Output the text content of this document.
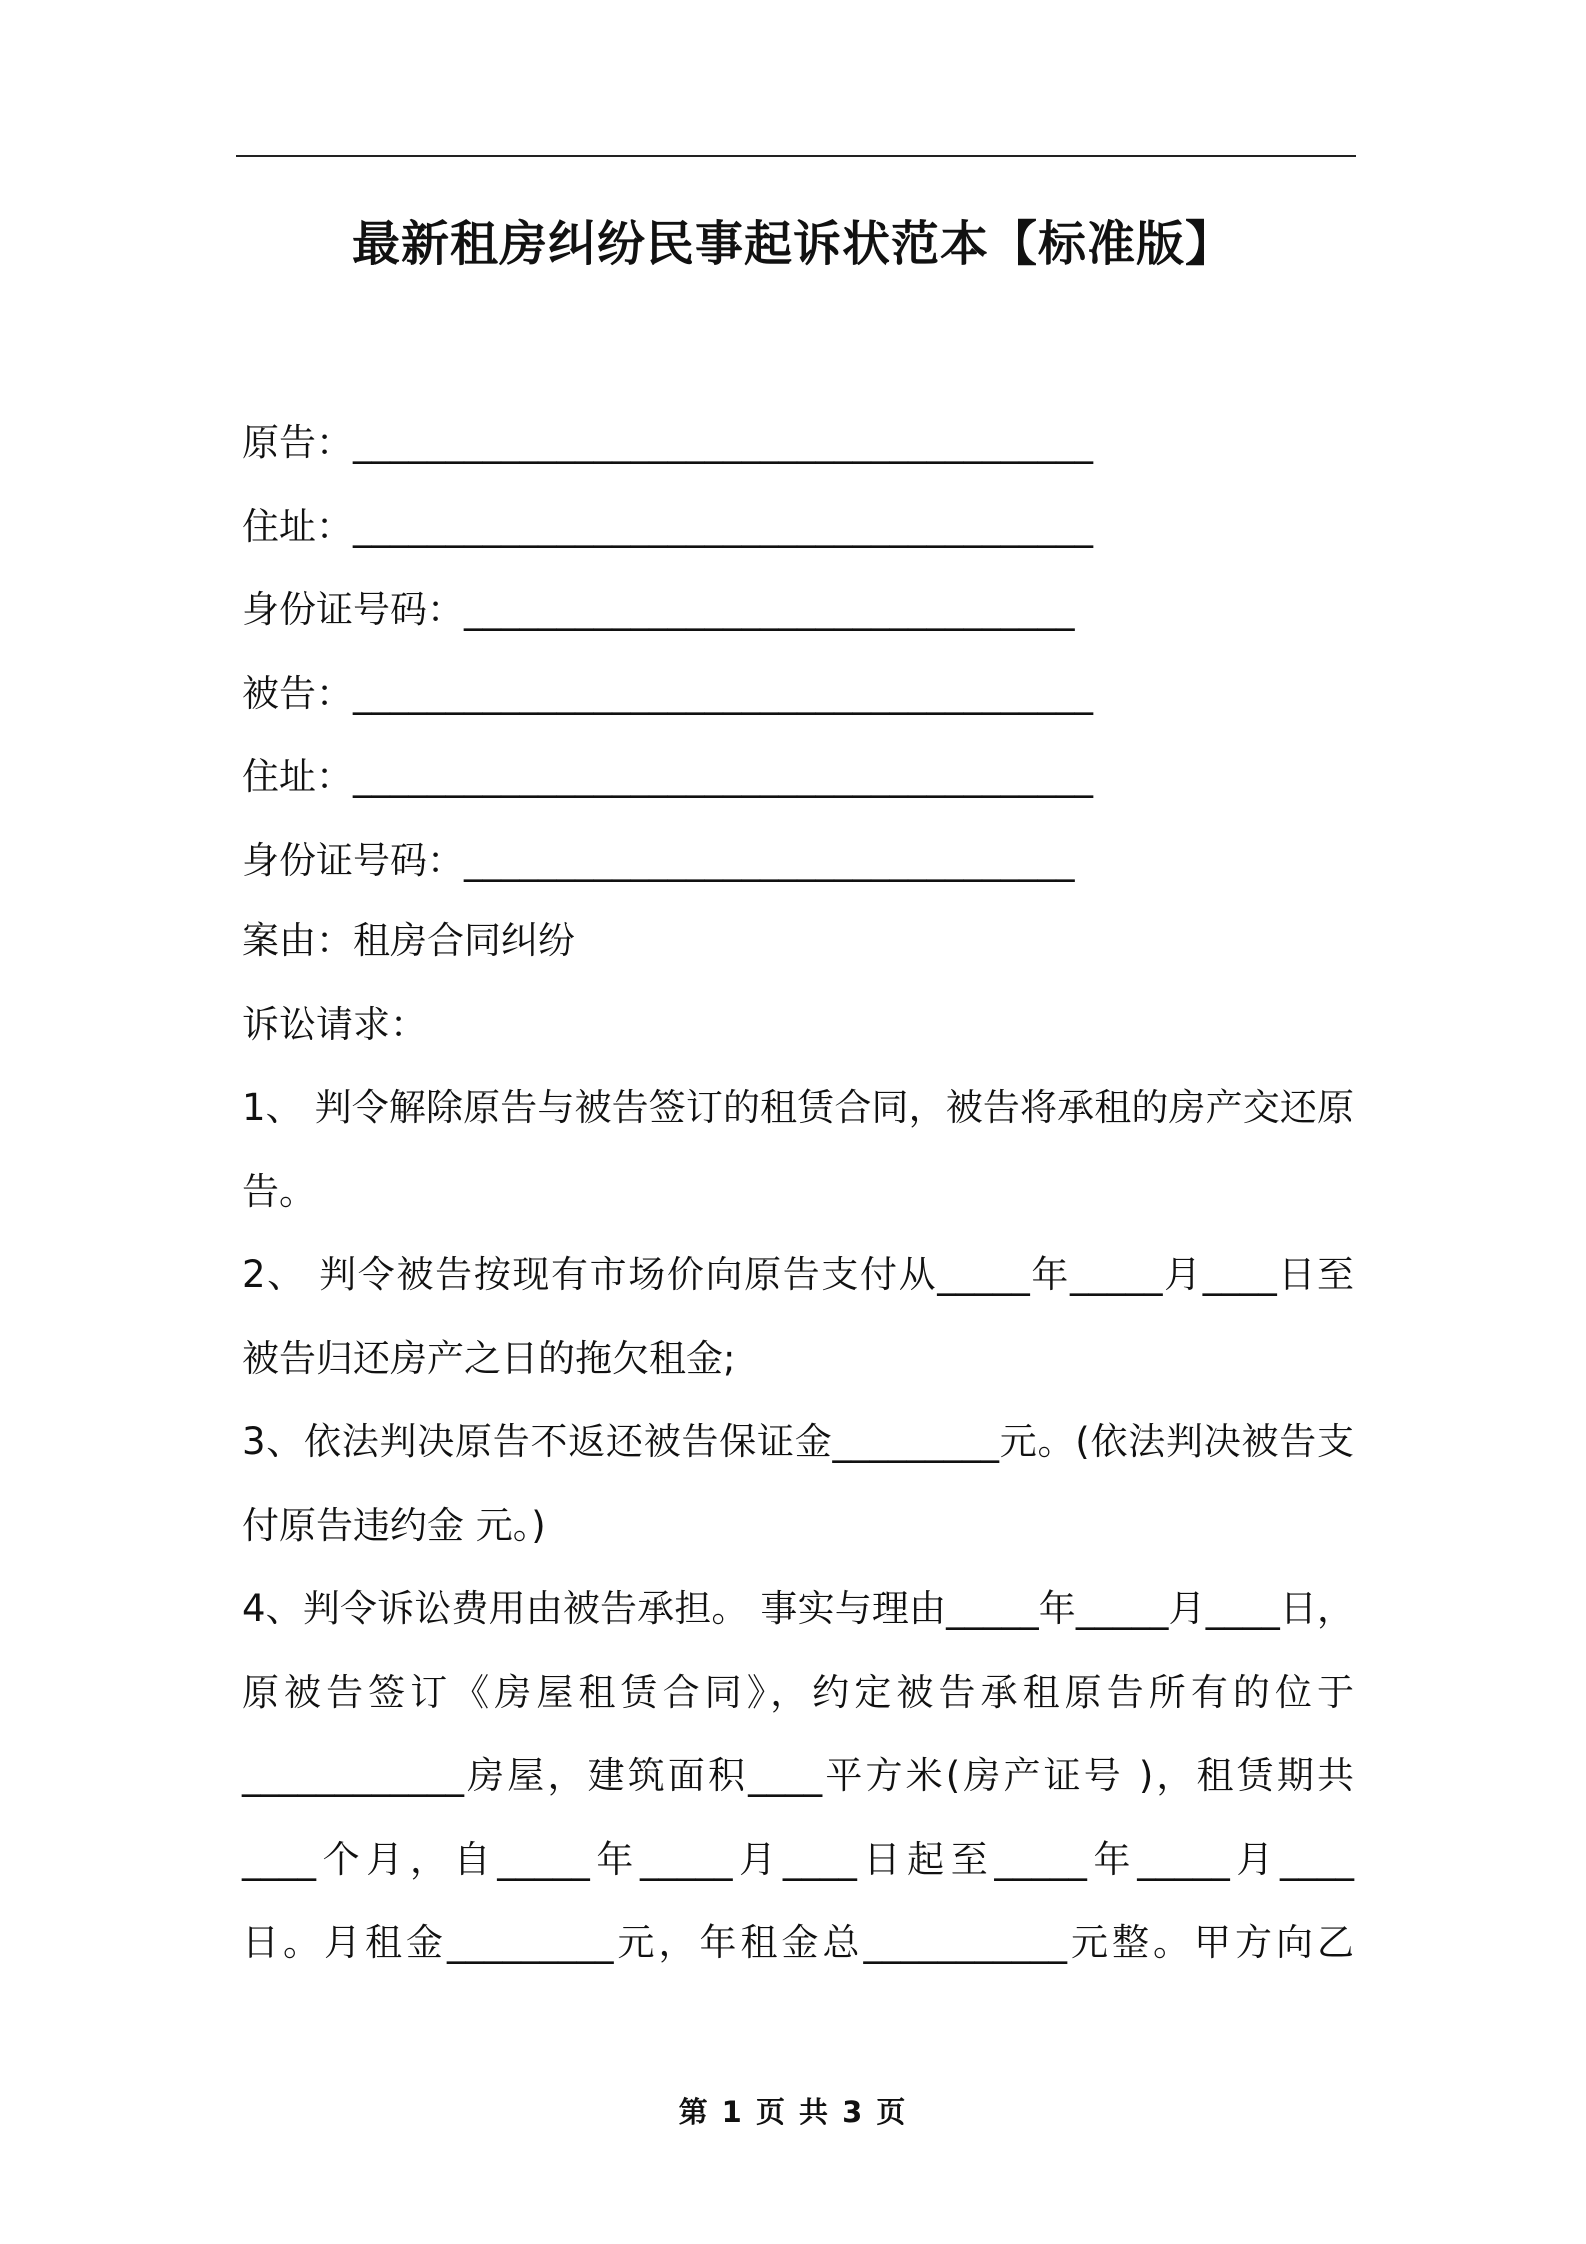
最新租房纠纷民事起诉状范本【标准版】

原告：________________________________________

住址：________________________________________

身份证号码：_________________________________

被告：________________________________________

住址：________________________________________

身份证号码：_________________________________

案由：租房合同纠纷

诉讼请求：

1、 判令解除原告与被告签订的租赁合同，被告将承租的房产交还原

告。

2、 判令被告按现有市场价向原告支付从_____年_____月____日至

被告归还房产之日的拖欠租金;

3、依法判决原告不返还被告保证金_________元。(依法判决被告支

付原告违约金 元。)

4、判令诉讼费用由被告承担。 事实与理由_____年_____月____日，

原被告签订《房屋租赁合同》，约定被告承租原告所有的位于

____________房屋，建筑面积____平方米(房产证号 )，租赁期共

____个月，自_____年_____月____日起至_____年_____月____

日。月租金_________元，年租金总___________元整。甲方向乙

第 1 页 共 3 页
